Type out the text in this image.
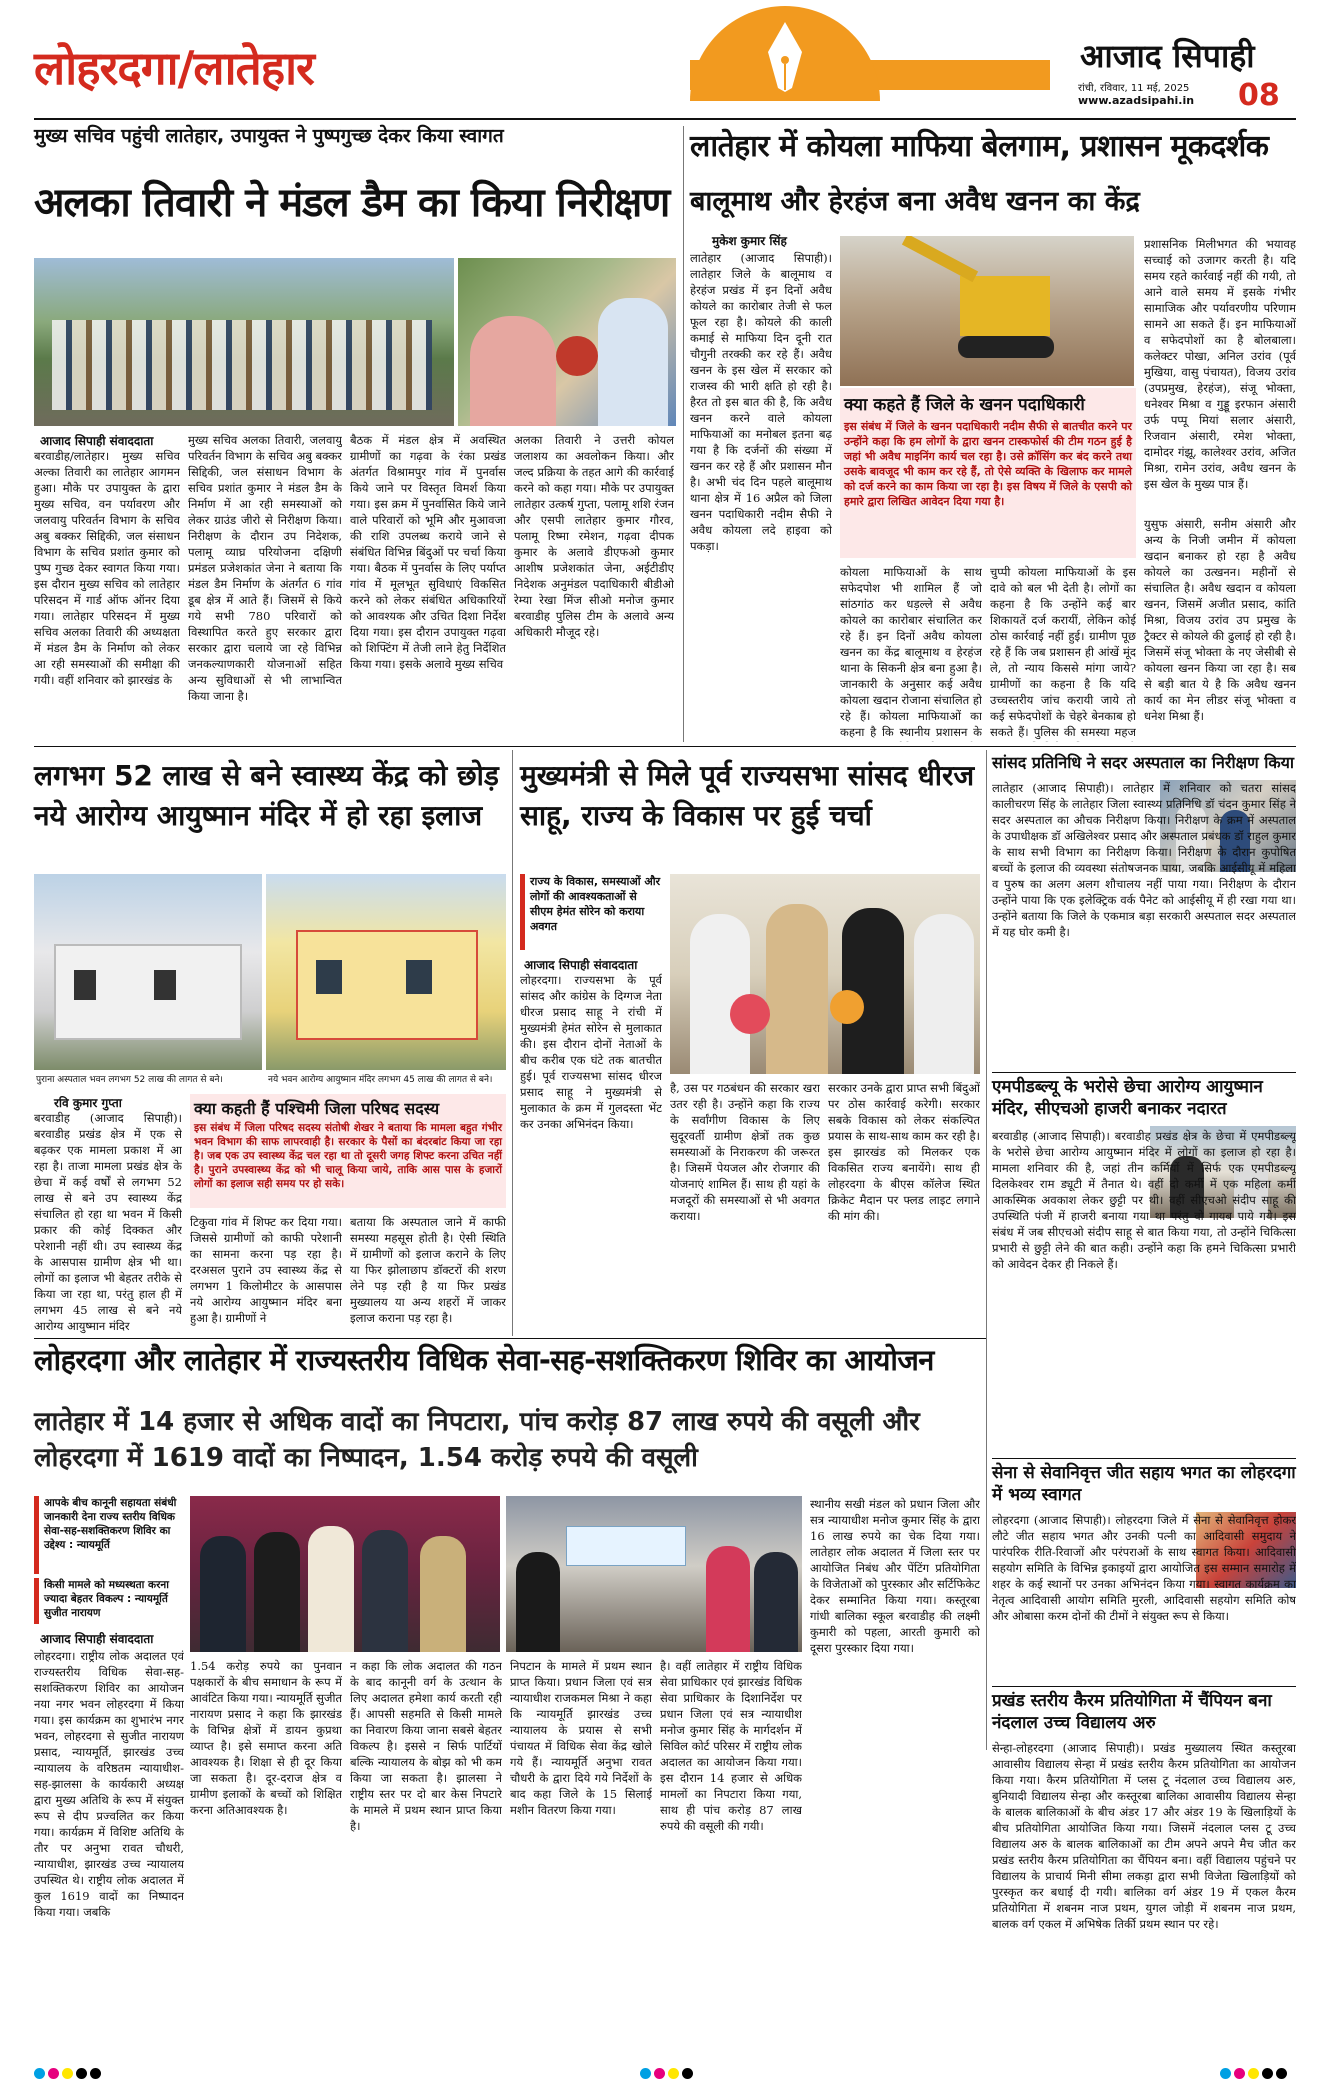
लोहरदगा/लातेहार	आजाद सिपाही
रांची, रविवार, 11 मई, 2025
www.azadsipahi.in 08
मुख्य सचिव पहुंची लातेहार, उपायुक्त ने पुष्पगुच्छ देकर किया स्वागत
अलका तिवारी ने मंडल डैम का किया निरीक्षण
आजाद सिपाही संवाददाता
बरवाडीह/लातेहार। मुख्य सचिव अल्का तिवारी का लातेहार आगमन हुआ। मौके पर उपायुक्त के द्वारा मुख्य सचिव, वन पर्यावरण और जलवायु परिवर्तन विभाग के सचिव अबु बक्कर सिद्दिकी, जल संसाधन विभाग के सचिव प्रशांत कुमार को पुष्प गुच्छ देकर स्वागत किया गया। इस दौरान मुख्य सचिव को लातेहार परिसदन में गार्ड ऑफ ऑनर दिया गया। लातेहार परिसदन में मुख्य सचिव अलका तिवारी की अध्यक्षता में मंडल डैम के निर्माण को लेकर आ रही समस्याओं की समीक्षा की गयी। वहीं शनिवार को झारखंड के
मुख्य सचिव अलका तिवारी, जलवायु परिवर्तन विभाग के सचिव अबु बक्कर सिद्दिकी, जल संसाधन विभाग के सचिव प्रशांत कुमार ने मंडल डैम के निर्माण में आ रही समस्याओं को लेकर ग्राउंड जीरो से निरीक्षण किया। निरीक्षण के दौरान उप निदेशक, पलामू व्याघ्र परियोजना दक्षिणी प्रमंडल प्रजेशकांत जेना ने बताया कि मंडल डैम निर्माण के अंतर्गत 6 गांव डूब क्षेत्र में आते हैं। जिसमें से किये गये सभी 780 परिवारों को विस्थापित करते हुए सरकार द्वारा सरकार द्वारा चलाये जा रहे विभिन्न जनकल्याणकारी योजनाओं सहित अन्य सुविधाओं से भी लाभान्वित किया जाना है।
बैठक में मंडल क्षेत्र में अवस्थित ग्रामीणों का गढ़वा के रंका प्रखंड अंतर्गत विश्रामपुर गांव में पुनर्वास किये जाने पर विस्तृत विमर्श किया गया। इस क्रम में पुनर्वासित किये जाने वाले परिवारों को भूमि और मुआवजा की राशि उपलब्ध कराये जाने से संबंधित विभिन्न बिंदुओं पर चर्चा किया गया। बैठक में पुनर्वास के लिए पर्याप्त गांव में मूलभूत सुविधाएं विकसित करने को लेकर संबंधित अधिकारियों को आवश्यक और उचित दिशा निर्देश दिया गया। इस दौरान उपायुक्त गढ़वा को शिफ्टिंग में तेजी लाने हेतु निर्देशित किया गया। इसके अलावे मुख्य सचिव
अलका तिवारी ने उत्तरी कोयल जलाशय का अवलोकन किया। और जल्द प्रक्रिया के तहत आगे की कार्रवाई करने को कहा गया। मौके पर उपायुक्त लातेहार उत्कर्ष गुप्ता, पलामू शशि रंजन और एसपी लातेहार कुमार गौरव, पलामू रिष्मा रमेशन, गढ़वा दीपक कुमार के अलावे डीएफओ कुमार आशीष प्रजेशकांत जेना, अईटीडीए निदेशक अनुमंडल पदाधिकारी बीडीओ रेम्या रेखा मिंज सीओ मनोज कुमार बरवाडीह पुलिस टीम के अलावे अन्य अधिकारी मौजूद रहे।
लातेहार में कोयला माफिया बेलगाम, प्रशासन मूकदर्शक
बालूमाथ और हेरहंज बना अवैध खनन का केंद्र
मुकेश कुमार सिंह
लातेहार (आजाद सिपाही)। लातेहार जिले के बालूमाथ व हेरहंज प्रखंड में इन दिनों अवैध कोयले का कारोबार तेजी से फल फूल रहा है। कोयले की काली कमाई से माफिया दिन दूनी रात चौगुनी तरक्की कर रहे हैं। अवैध खनन के इस खेल में सरकार को राजस्व की भारी क्षति हो रही है। हैरत तो इस बात की है, कि अवैध खनन करने वाले कोयला माफियाओं का मनोबल इतना बढ़ गया है कि दर्जनों की संख्या में खनन कर रहे हैं और प्रशासन मौन है। अभी चंद दिन पहले बालूमाथ थाना क्षेत्र में 16 अप्रैल को जिला खनन पदाधिकारी नदीम सैफी ने अवैध कोयला लदे हाइवा को पकड़ा।
क्या कहते हैं जिले के खनन पदाधिकारी
इस संबंध में जिले के खनन पदाधिकारी नदीम सैफी से बातचीत करने पर उन्होंने कहा कि हम लोगों के द्वारा खनन टास्कफोर्स की टीम गठन हुई है जहां भी अवैध माइनिंग कार्य चल रहा है। उसे क्रॉसिंग कर बंद करने तथा उसके बावजूद भी काम कर रहे हैं, तो ऐसे व्यक्ति के खिलाफ कर मामले को दर्ज करने का काम किया जा रहा है। इस विषय में जिले के एसपी को हमारे द्वारा लिखित आवेदन दिया गया है।
कोयला माफियाओं के साथ सफेदपोश भी शामिल हैं जो सांठगांठ कर धड़ल्ले से अवैध कोयले का कारोबार संचालित कर रहे हैं। इन दिनों अवैध कोयला खनन का केंद्र बालूमाथ व हेरहंज थाना के सिकनी क्षेत्र बना हुआ है। जानकारी के अनुसार कई अवैध कोयला खदान रोजाना संचालित हो रहे हैं। कोयला माफियाओं का कहना है कि स्थानीय प्रशासन के
चुप्पी कोयला माफियाओं के इस दावे को बल भी देती है। लोगों का कहना है कि उन्होंने कई बार शिकायतें दर्ज करायीं, लेकिन कोई ठोस कार्रवाई नहीं हुई। ग्रामीण पूछ रहे हैं कि जब प्रशासन ही आंखें मूंद ले, तो न्याय किससे मांगा जाये? ग्रामीणों का कहना है कि यदि उच्चस्तरीय जांच करायी जाये तो कई सफेदपोशों के चेहरे बेनकाब हो सकते हैं। पुलिस की समस्या महज
प्रशासनिक मिलीभगत की भयावह सच्चाई को उजागर करती है। यदि समय रहते कार्रवाई नहीं की गयी, तो आने वाले समय में इसके गंभीर सामाजिक और पर्यावरणीय परिणाम सामने आ सकते हैं। इन माफियाओं व सफेदपोशों का है बोलबाला। कलेक्टर पोखा, अनिल उरांव (पूर्व मुखिया, वासु पंचायत), विजय उरांव (उपप्रमुख, हेरहंज), संजू भोक्ता, धनेश्वर मिश्रा व गुड्डू इरफान अंसारी उर्फ पप्पू मियां सलार अंसारी, रिजवान अंसारी, रमेश भोक्ता, दामोदर गंझू, कालेश्वर उरांव, अजित मिश्रा, रामेन उरांव, अवैध खनन के इस खेल के मुख्य पात्र हैं।
युसुफ अंसारी, सनीम अंसारी और अन्य के निजी जमीन में कोयला खदान बनाकर हो रहा है अवैध कोयले का उत्खनन। महीनों से संचालित है। अवैध खदान व कोयला खनन, जिसमें अजीत प्रसाद, कांति मिश्रा, विजय उरांव उप प्रमुख के ट्रैक्टर से कोयले की ढुलाई हो रही है। जिसमें संजू भोक्ता के नए जेसीबी से कोयला खनन किया जा रहा है। सब से बड़ी बात ये है कि अवैध खनन कार्य का मेन लीडर संजू भोक्ता व धनेश मिश्रा हैं।
लगभग 52 लाख से बने स्वास्थ्य केंद्र को छोड़ नये आरोग्य आयुष्मान मंदिर में हो रहा इलाज
पुराना अस्पताल भवन लगभग 52 लाख की लागत से बने।	नये भवन आरोग्य आयुष्मान मंदिर लगभग 45 लाख की लागत से बने।
रवि कुमार गुप्ता
बरवाडीह (आजाद सिपाही)। बरवाडीह प्रखंड क्षेत्र में एक से बढ़कर एक मामला प्रकाश में आ रहा है। ताजा मामला प्रखंड क्षेत्र के छेचा में कई वर्षों से लगभग 52 लाख से बने उप स्वास्थ्य केंद्र संचालित हो रहा था भवन में किसी प्रकार की कोई दिक्कत और परेशानी नहीं थी। उप स्वास्थ्य केंद्र के आसपास ग्रामीण क्षेत्र भी था। लोगों का इलाज भी बेहतर तरीके से किया जा रहा था, परंतु हाल ही में लगभग 45 लाख से बने नये आरोग्य आयुष्मान मंदिर
क्या कहती हैं पश्चिमी जिला परिषद सदस्य
इस संबंध में जिला परिषद सदस्य संतोषी शेखर ने बताया कि मामला बहुत गंभीर भवन विभाग की साफ लापरवाही है। सरकार के पैसों का बंदरबांट किया जा रहा है। जब एक उप स्वास्थ्य केंद्र चल रहा था तो दूसरी जगह शिफ्ट करना उचित नहीं है। पुराने उपस्वास्थ्य केंद्र को भी चालू किया जाये, ताकि आस पास के हजारों लोगों का इलाज सही समय पर हो सके।
टिकुवा गांव में शिफ्ट कर दिया गया। जिससे ग्रामीणों को काफी परेशानी का सामना करना पड़ रहा है। दरअसल पुराने उप स्वास्थ्य केंद्र से लगभग 1 किलोमीटर के आसपास नये आरोग्य आयुष्मान मंदिर बना हुआ है। ग्रामीणों ने
बताया कि अस्पताल जाने में काफी समस्या महसूस होती है। ऐसी स्थिति में ग्रामीणों को इलाज कराने के लिए या फिर झोलाछाप डॉक्टरों की शरण लेने पड़ रही है या फिर प्रखंड मुख्यालय या अन्य शहरों में जाकर इलाज कराना पड़ रहा है।
मुख्यमंत्री से मिले पूर्व राज्यसभा सांसद धीरज साहू, राज्य के विकास पर हुई चर्चा
राज्य के विकास, समस्याओं और लोगों की आवश्यकताओं से सीएम हेमंत सोरेन को कराया अवगत
आजाद सिपाही संवाददाता
लोहरदगा। राज्यसभा के पूर्व सांसद और कांग्रेस के दिग्गज नेता धीरज प्रसाद साहू ने रांची में मुख्यमंत्री हेमंत सोरेन से मुलाकात की। इस दौरान दोनों नेताओं के बीच करीब एक घंटे तक बातचीत हुई। पूर्व राज्यसभा सांसद धीरज प्रसाद साहू ने मुख्यमंत्री से मुलाकात के क्रम में गुलदस्ता भेंट कर उनका अभिनंदन किया।
है, उस पर गठबंधन की सरकार खरा उतर रही है। उन्होंने कहा कि राज्य के सर्वांगीण विकास के लिए सुदूरवर्ती ग्रामीण क्षेत्रों तक कुछ समस्याओं के निराकरण की जरूरत है। जिसमें पेयजल और रोजगार की योजनाएं शामिल हैं। साथ ही यहां के मजदूरों की समस्याओं से भी अवगत कराया।
सरकार उनके द्वारा प्राप्त सभी बिंदुओं पर ठोस कार्रवाई करेगी। सरकार सबके विकास को लेकर संकल्पित प्रयास के साथ-साथ काम कर रही है। इस झारखंड को मिलकर एक विकसित राज्य बनायेंगे। साथ ही लोहरदगा के बीएस कॉलेज स्थित क्रिकेट मैदान पर फ्लड लाइट लगाने की मांग की।
सांसद प्रतिनिधि ने सदर अस्पताल का निरीक्षण किया
लातेहार (आजाद सिपाही)। लातेहार में शनिवार को चतरा सांसद कालीचरण सिंह के लातेहार जिला स्वास्थ्य प्रतिनिधि डॉ चंदन कुमार सिंह ने सदर अस्पताल का औचक निरीक्षण किया। निरीक्षण के क्रम में अस्पताल के उपाधीक्षक डॉ अखिलेश्वर प्रसाद और अस्पताल प्रबंधक डॉ राहुल कुमार के साथ सभी विभाग का निरीक्षण किया। निरीक्षण के दौरान कुपोषित बच्चों के इलाज की व्यवस्था संतोषजनक पाया, जबकि आईसीयू में महिला व पुरुष का अलग अलग शौचालय नहीं पाया गया। निरीक्षण के दौरान उन्होंने पाया कि एक इलेक्ट्रिक वर्क पैनेट को आईसीयू में ही रखा गया था। उन्होंने बताया कि जिले के एकमात्र बड़ा सरकारी अस्पताल सदर अस्पताल में यह घोर कमी है।
एमपीडब्ल्यू के भरोसे छेचा आरोग्य आयुष्मान मंदिर, सीएचओ हाजरी बनाकर नदारत
बरवाडीह (आजाद सिपाही)। बरवाडीह प्रखंड क्षेत्र के छेचा में एमपीडब्ल्यू के भरोसे छेचा आरोग्य आयुष्मान मंदिर में लोगों का इलाज हो रहा है। मामला शनिवार की है, जहां तीन कर्मियों में सिर्फ एक एमपीडब्ल्यू दिलकेश्वर राम ड्यूटी में तैनात थे। वहीं दो कर्मी में एक महिला कर्मी आकस्मिक अवकाश लेकर छुट्टी पर थी। वहीं सीएचओ संदीप साहू की उपस्थिति पंजी में हाजरी बनाया गया था परंतु वो गायब पाये गये। इस संबंध में जब सीएचओ संदीप साहू से बात किया गया, तो उन्होंने चिकित्सा प्रभारी से छुट्टी लेने की बात कही। उन्होंने कहा कि हमने चिकित्सा प्रभारी को आवेदन देकर ही निकले हैं।
सेना से सेवानिवृत्त जीत सहाय भगत का लोहरदगा में भव्य स्वागत
लोहरदगा (आजाद सिपाही)। लोहरदगा जिले में सेना से सेवानिवृत्त होकर लौटे जीत सहाय भगत और उनकी पत्नी का आदिवासी समुदाय ने पारंपरिक रीति-रिवाजों और परंपराओं के साथ स्वागत किया। आदिवासी सहयोग समिति के विभिन्न इकाइयों द्वारा आयोजित इस सम्मान समारोह में शहर के कई स्थानों पर उनका अभिनंदन किया गया। स्वागत कार्यक्रम का नेतृत्व आदिवासी आयोग समिति मुरली, आदिवासी सहयोग समिति कोष और ओबासा करम दोनों की टीमों ने संयुक्त रूप से किया।
प्रखंड स्तरीय कैरम प्रतियोगिता में चैंपियन बना नंदलाल उच्च विद्यालय अरु
सेन्हा-लोहरदगा (आजाद सिपाही)। प्रखंड मुख्यालय स्थित कस्तूरबा आवासीय विद्यालय सेन्हा में प्रखंड स्तरीय कैरम प्रतियोगिता का आयोजन किया गया। कैरम प्रतियोगिता में प्लस टू नंदलाल उच्च विद्यालय अरु, बुनियादी विद्यालय सेन्हा और कस्तूरबा बालिका आवासीय विद्यालय सेन्हा के बालक बालिकाओं के बीच अंडर 17 और अंडर 19 के खिलाड़ियों के बीच प्रतियोगिता आयोजित किया गया। जिसमें नंदलाल प्लस टू उच्च विद्यालय अरु के बालक बालिकाओं का टीम अपने अपने मैच जीत कर प्रखंड स्तरीय कैरम प्रतियोगिता का चैंपियन बना। वहीं विद्यालय पहुंचने पर विद्यालय के प्राचार्य मिनी सीमा लकड़ा द्वारा सभी विजेता खिलाड़ियों को पुरस्कृत कर बधाई दी गयी। बालिका वर्ग अंडर 19 में एकल कैरम प्रतियोगिता में शबनम नाज प्रथम, युगल जोड़ी में शबनम नाज प्रथम, बालक वर्ग एकल में अभिषेक तिर्की प्रथम स्थान पर रहे।
लोहरदगा और लातेहार में राज्यस्तरीय विधिक सेवा-सह-सशक्तिकरण शिविर का आयोजन
लातेहार में 14 हजार से अधिक वादों का निपटारा, पांच करोड़ 87 लाख रुपये की वसूली और लोहरदगा में 1619 वादों का निष्पादन, 1.54 करोड़ रुपये की वसूली
आपके बीच कानूनी सहायता संबंधी जानकारी देना राज्य स्तरीय विधिक सेवा-सह-सशक्तिकरण शिविर का उद्देश्य : न्यायमूर्ति
किसी मामले को मध्यस्थता करना ज्यादा बेहतर विकल्प : न्यायमूर्ति सुजीत नारायण
आजाद सिपाही संवाददाता
लोहरदगा। राष्ट्रीय लोक अदालत एवं राज्यस्तरीय विधिक सेवा-सह-सशक्तिकरण शिविर का आयोजन नया नगर भवन लोहरदगा में किया गया। इस कार्यक्रम का शुभारंभ नगर भवन, लोहरदगा से सुजीत नारायण प्रसाद, न्यायमूर्ति, झारखंड उच्च न्यायालय के वरिष्ठतम न्यायाधीश-सह-झालसा के कार्यकारी अध्यक्ष द्वारा मुख्य अतिथि के रूप में संयुक्त रूप से दीप प्रज्वलित कर किया गया। कार्यक्रम में विशिष्ट अतिथि के तौर पर अनुभा रावत चौधरी, न्यायाधीश, झारखंड उच्च न्यायालय उपस्थित थे। राष्ट्रीय लोक अदालत में कुल 1619 वादों का निष्पादन किया गया। जबकि
1.54 करोड़ रुपये का पुनवान पक्षकारों के बीच समाधान के रूप में आवंटित किया गया। न्यायमूर्ति सुजीत नारायण प्रसाद ने कहा कि झारखंड के विभिन्न क्षेत्रों में डायन कुप्रथा व्याप्त है। इसे समाप्त करना अति आवश्यक है। शिक्षा से ही दूर किया जा सकता है। दूर-दराज क्षेत्र व ग्रामीण इलाकों के बच्चों को शिक्षित करना अतिआवश्यक है।
न कहा कि लोक अदालत की गठन के बाद कानूनी वर्ग के उत्थान के लिए अदालत हमेशा कार्य करती रही हैं। आपसी सहमति से किसी मामले का निवारण किया जाना सबसे बेहतर विकल्प है। इससे न सिर्फ पार्टियों बल्कि न्यायालय के बोझ को भी कम किया जा सकता है। झालसा ने राष्ट्रीय स्तर पर दो बार केस निपटारे के मामले में प्रथम स्थान प्राप्त किया है।
निपटान के मामले में प्रथम स्थान प्राप्त किया। प्रधान जिला एवं सत्र न्यायाधीश राजकमल मिश्रा ने कहा कि न्यायमूर्ति झारखंड उच्च न्यायालय के प्रयास से सभी पंचायत में विधिक सेवा केंद्र खोले गये हैं। न्यायमूर्ति अनुभा रावत चौधरी के द्वारा दिये गये निर्देशों के बाद कहा जिले के 15 सिलाई मशीन वितरण किया गया।
है। वहीं लातेहार में राष्ट्रीय विधिक सेवा प्राधिकार एवं झारखंड विधिक सेवा प्राधिकार के दिशानिर्देश पर प्रधान जिला एवं सत्र न्यायाधीश मनोज कुमार सिंह के मार्गदर्शन में सिविल कोर्ट परिसर में राष्ट्रीय लोक अदालत का आयोजन किया गया। इस दौरान 14 हजार से अधिक मामलों का निपटारा किया गया, साथ ही पांच करोड़ 87 लाख रुपये की वसूली की गयी।
स्थानीय सखी मंडल को प्रधान जिला और सत्र न्यायाधीश मनोज कुमार सिंह के द्वारा 16 लाख रुपये का चेक दिया गया। लातेहार लोक अदालत में जिला स्तर पर आयोजित निबंध और पेंटिंग प्रतियोगिता के विजेताओं को पुरस्कार और सर्टिफिकेट देकर सम्मानित किया गया। कस्तूरबा गांधी बालिका स्कूल बरवाडीह की लक्ष्मी कुमारी को पहला, आरती कुमारी को दूसरा पुरस्कार दिया गया।
